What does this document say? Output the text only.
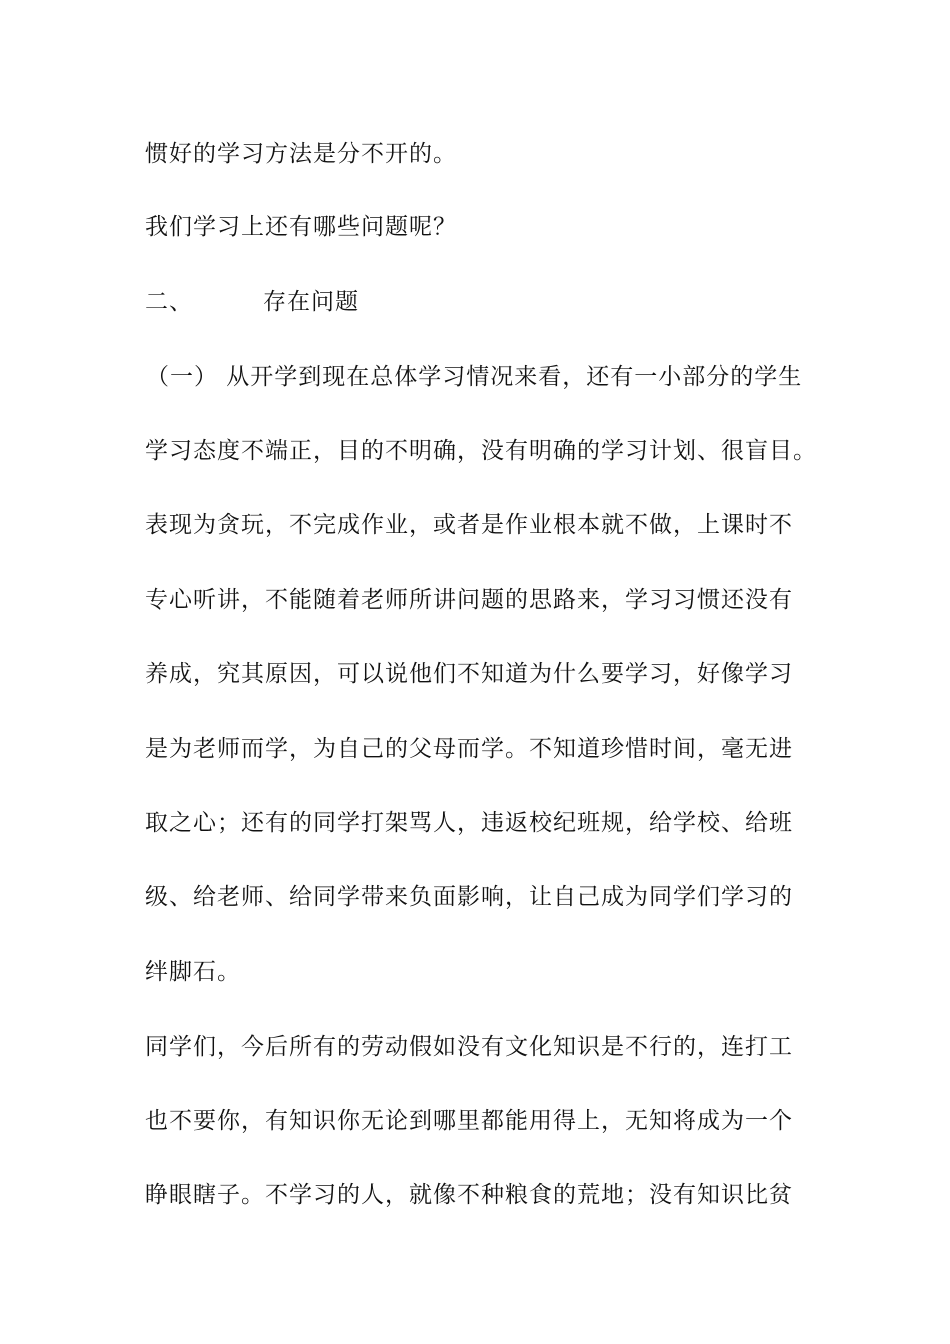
惯好的学习方法是分不开的。
我们学习上还有哪些问题呢？
二、	存在问题
（一） 从开学到现在总体学习情况来看，还有一小部分的学生
学习态度不端正，目的不明确，没有明确的学习计划、很盲目。
表现为贪玩，不完成作业，或者是作业根本就不做，上课时不
专心听讲，不能随着老师所讲问题的思路来，学习习惯还没有
养成，究其原因，可以说他们不知道为什么要学习，好像学习
是为老师而学，为自己的父母而学。不知道珍惜时间，毫无进
取之心；还有的同学打架骂人，违返校纪班规，给学校、给班
级、给老师、给同学带来负面影响，让自己成为同学们学习的
绊脚石。
同学们，今后所有的劳动假如没有文化知识是不行的，连打工
也不要你，有知识你无论到哪里都能用得上，无知将成为一个
睁眼瞎子。不学习的人，就像不种粮食的荒地；没有知识比贫
